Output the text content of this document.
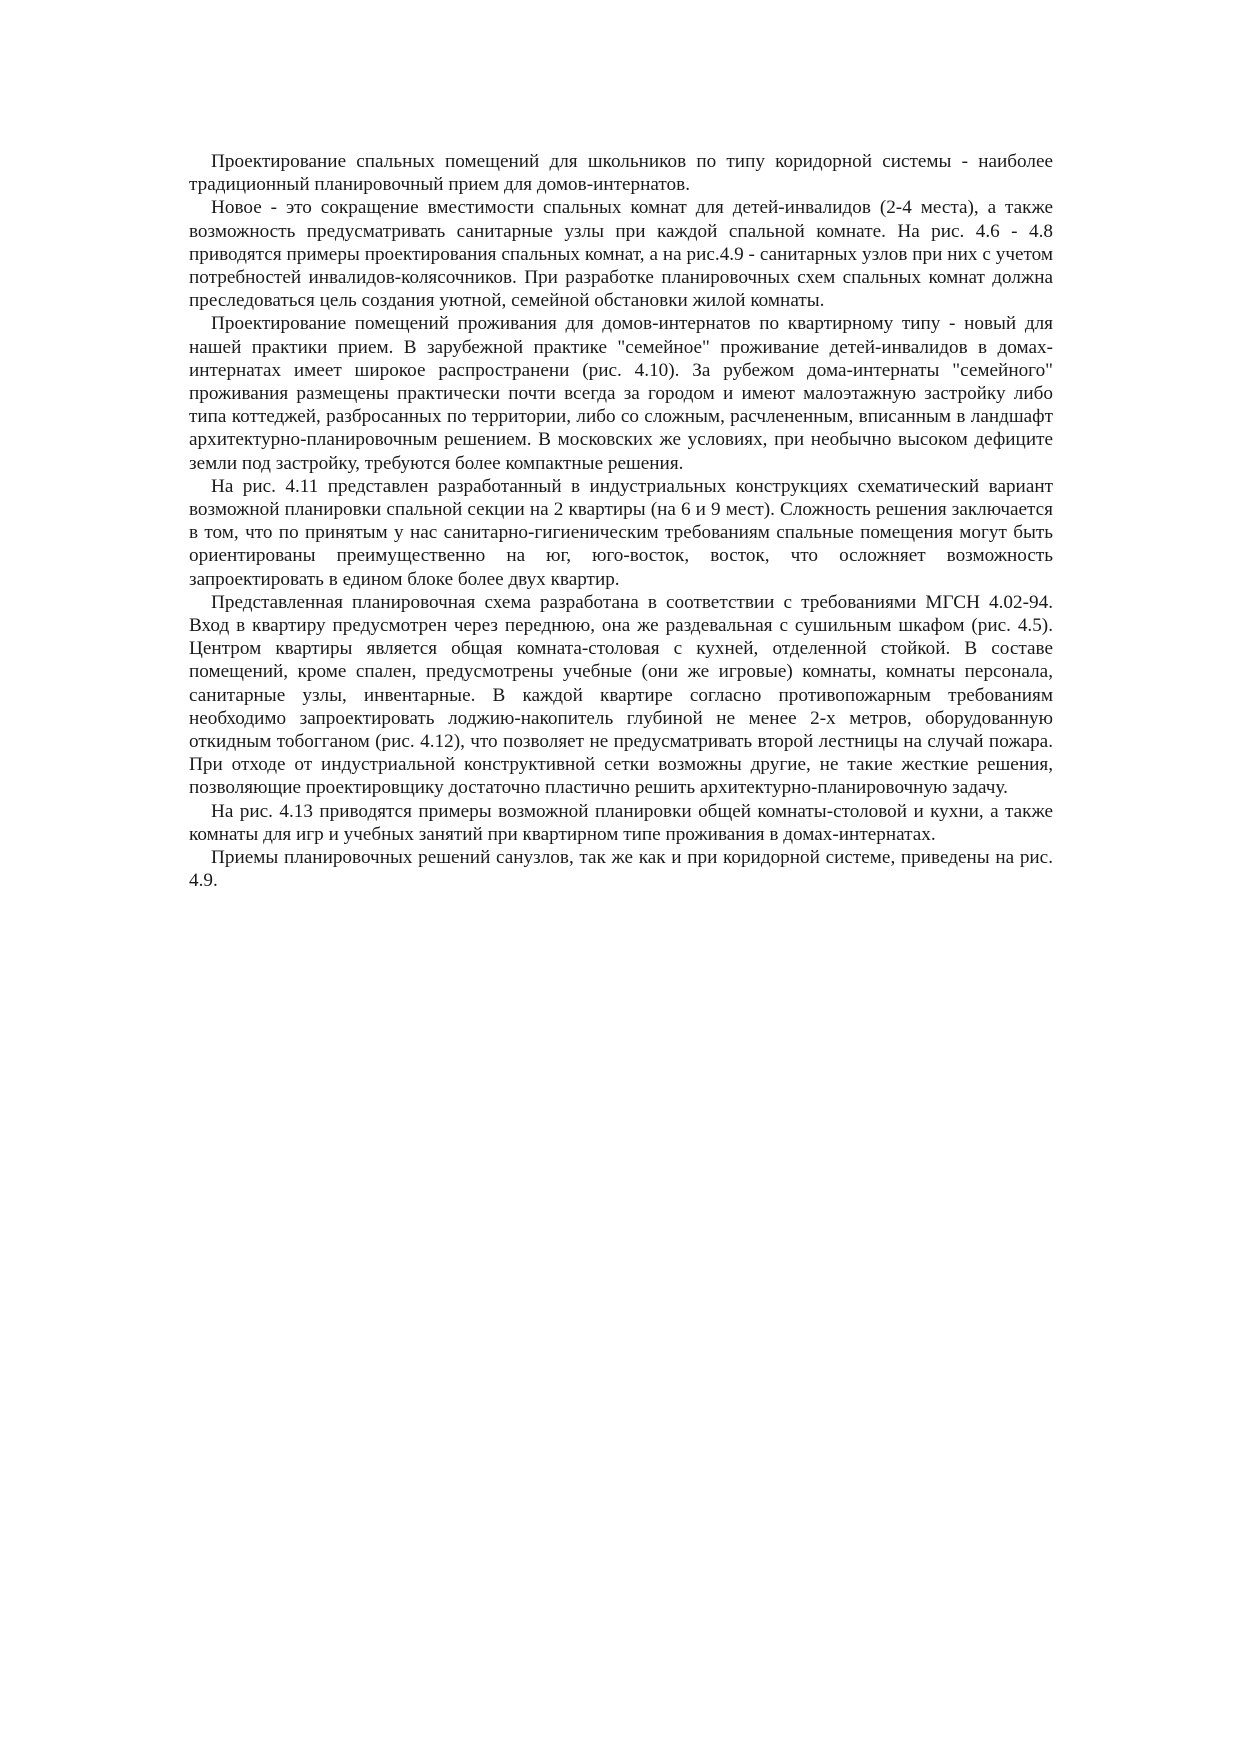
Проектирование спальных помещений для школьников по типу коридорной системы - наиболее традиционный планировочный прием для домов-интернатов.

Новое - это сокращение вместимости спальных комнат для детей-инвалидов (2-4 места), а также возможность предусматривать санитарные узлы при каждой спальной комнате. На рис. 4.6 - 4.8 приводятся примеры проектирования спальных комнат, а на рис.4.9 - санитарных узлов при них с учетом потребностей инвалидов-колясочников. При разработке планировочных схем спальных комнат должна преследоваться цель создания уютной, семейной обстановки жилой комнаты.

Проектирование помещений проживания для домов-интернатов по квартирному типу - новый для нашей практики прием. В зарубежной практике "семейное" проживание детей-инвалидов в домах-интернатах имеет широкое распространени (рис. 4.10). За рубежом дома-интернаты "семейного" проживания размещены практически почти всегда за городом и имеют малоэтажную застройку либо типа коттеджей, разбросанных по территории, либо со сложным, расчлененным, вписанным в ландшафт архитектурно-планировочным решением. В московских же условиях, при необычно высоком дефиците земли под застройку, требуются более компактные решения.

На рис. 4.11 представлен разработанный в индустриальных конструкциях схематический вариант возможной планировки спальной секции на 2 квартиры (на 6 и 9 мест). Сложность решения заключается в том, что по принятым у нас санитарно-гигиеническим требованиям спальные помещения могут быть ориентированы преимущественно на юг, юго-восток, восток, что осложняет возможность запроектировать в едином блоке более двух квартир.

Представленная планировочная схема разработана в соответствии с требованиями МГСН 4.02-94. Вход в квартиру предусмотрен через переднюю, она же раздевальная с сушильным шкафом (рис. 4.5). Центром квартиры является общая комната-столовая с кухней, отделенной стойкой. В составе помещений, кроме спален, предусмотрены учебные (они же игровые) комнаты, комнаты персонала, санитарные узлы, инвентарные. В каждой квартире согласно противопожарным требованиям необходимо запроектировать лоджию-накопитель глубиной не менее 2-х метров, оборудованную откидным тобогганом (рис. 4.12), что позволяет не предусматривать второй лестницы на случай пожара. При отходе от индустриальной конструктивной сетки возможны другие, не такие жесткие решения, позволяющие проектировщику достаточно пластично решить архитектурно-планировочную задачу.

На рис. 4.13 приводятся примеры возможной планировки общей комнаты-столовой и кухни, а также комнаты для игр и учебных занятий при квартирном типе проживания в домах-интернатах.

Приемы планировочных решений санузлов, так же как и при коридорной системе, приведены на рис. 4.9.
